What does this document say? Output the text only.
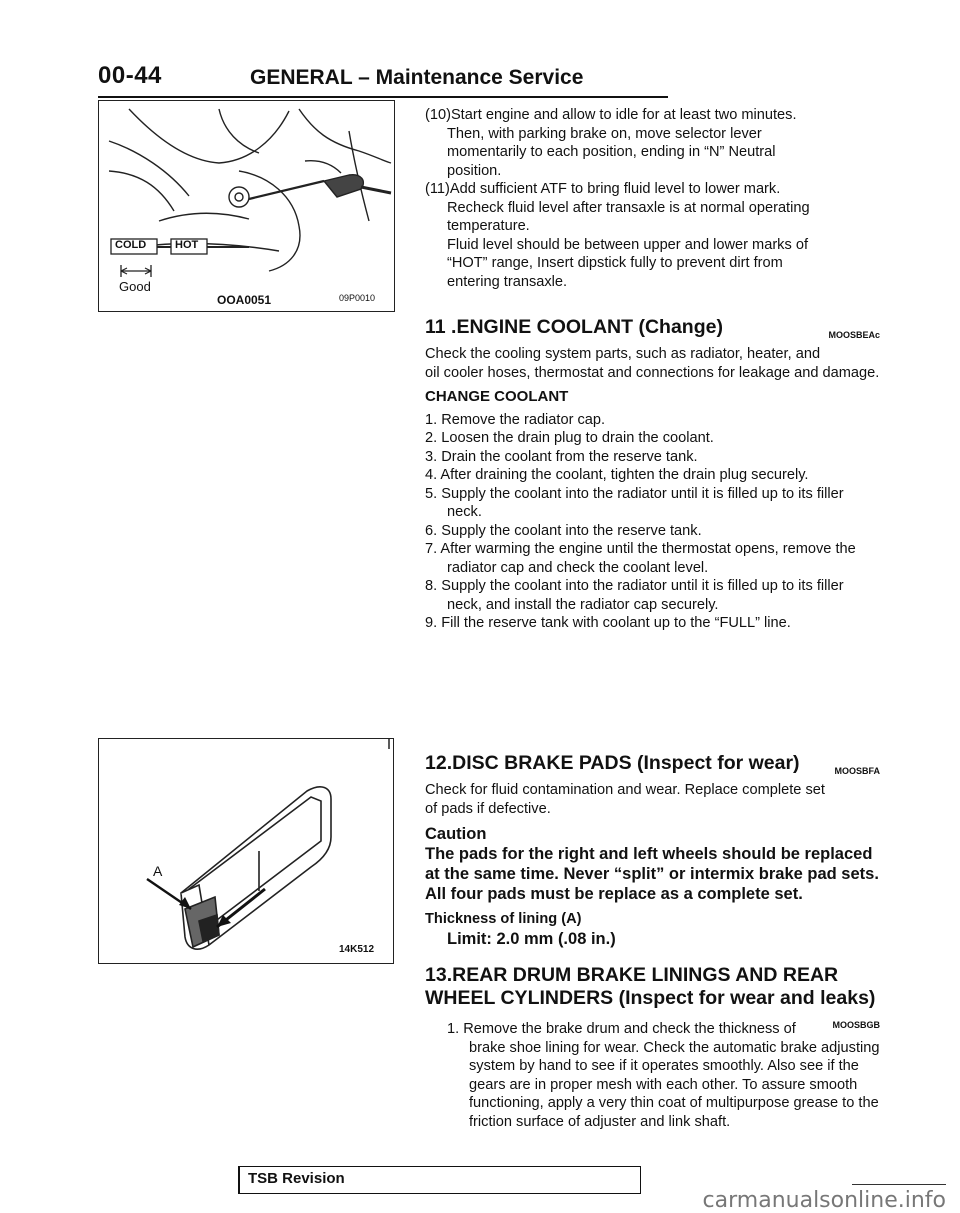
00-44	GENERAL – Maintenance Service
COLD	HOT
Good
OOA0051	09P0010
A
14K512

(10)Start engine and allow to idle for at least two minutes.

Then, with parking brake on, move selector lever

momentarily to each position, ending in “N” Neutral

position.

(11)Add sufficient ATF to bring fluid level to lower mark.

Recheck fluid level after transaxle is at normal operating

temperature.

Fluid level should be between upper and lower marks of

“HOT” range, Insert dipstick fully to prevent dirt from

entering transaxle.

MOOSBEAc
11 .ENGINE COOLANT (Change)

Check the cooling system parts, such as radiator, heater, and oil cooler hoses, thermostat and connections for leakage and damage.

CHANGE COOLANT

1. Remove the radiator cap.

2. Loosen the drain plug to drain the coolant.

3. Drain the coolant from the reserve tank.

4. After draining the coolant, tighten the drain plug securely.

5. Supply the coolant into the radiator until it is filled up to its filler neck.

6. Supply the coolant into the reserve tank.

7. After warming the engine until the thermostat opens, remove the radiator cap and check the coolant level.

8. Supply the coolant into the radiator until it is filled up to its filler neck, and install the radiator cap securely.

9. Fill the reserve tank with coolant up to the “FULL” line.

MOOSBFA
12.DISC BRAKE PADS (Inspect for wear)

Check for fluid contamination and wear. Replace complete set of pads if defective.

Caution

The pads for the right and left wheels should be replaced at the same time. Never “split” or intermix brake pad sets.

All four pads must be replace as a complete set.

Thickness of lining (A)

Limit: 2.0 mm (.08 in.)

13.REAR DRUM BRAKE LININGS AND REAR WHEEL CYLINDERS (Inspect for wear and leaks)
MOOSBGB

1. Remove the brake drum and check the thickness of brake shoe lining for wear. Check the automatic brake adjusting system by hand to see if it operates smoothly. Also see if the gears are in proper mesh with each other. To assure smooth functioning, apply a very thin coat of multipurpose grease to the friction surface of adjuster and link shaft.

TSB Revision
carmanualsonline.info
